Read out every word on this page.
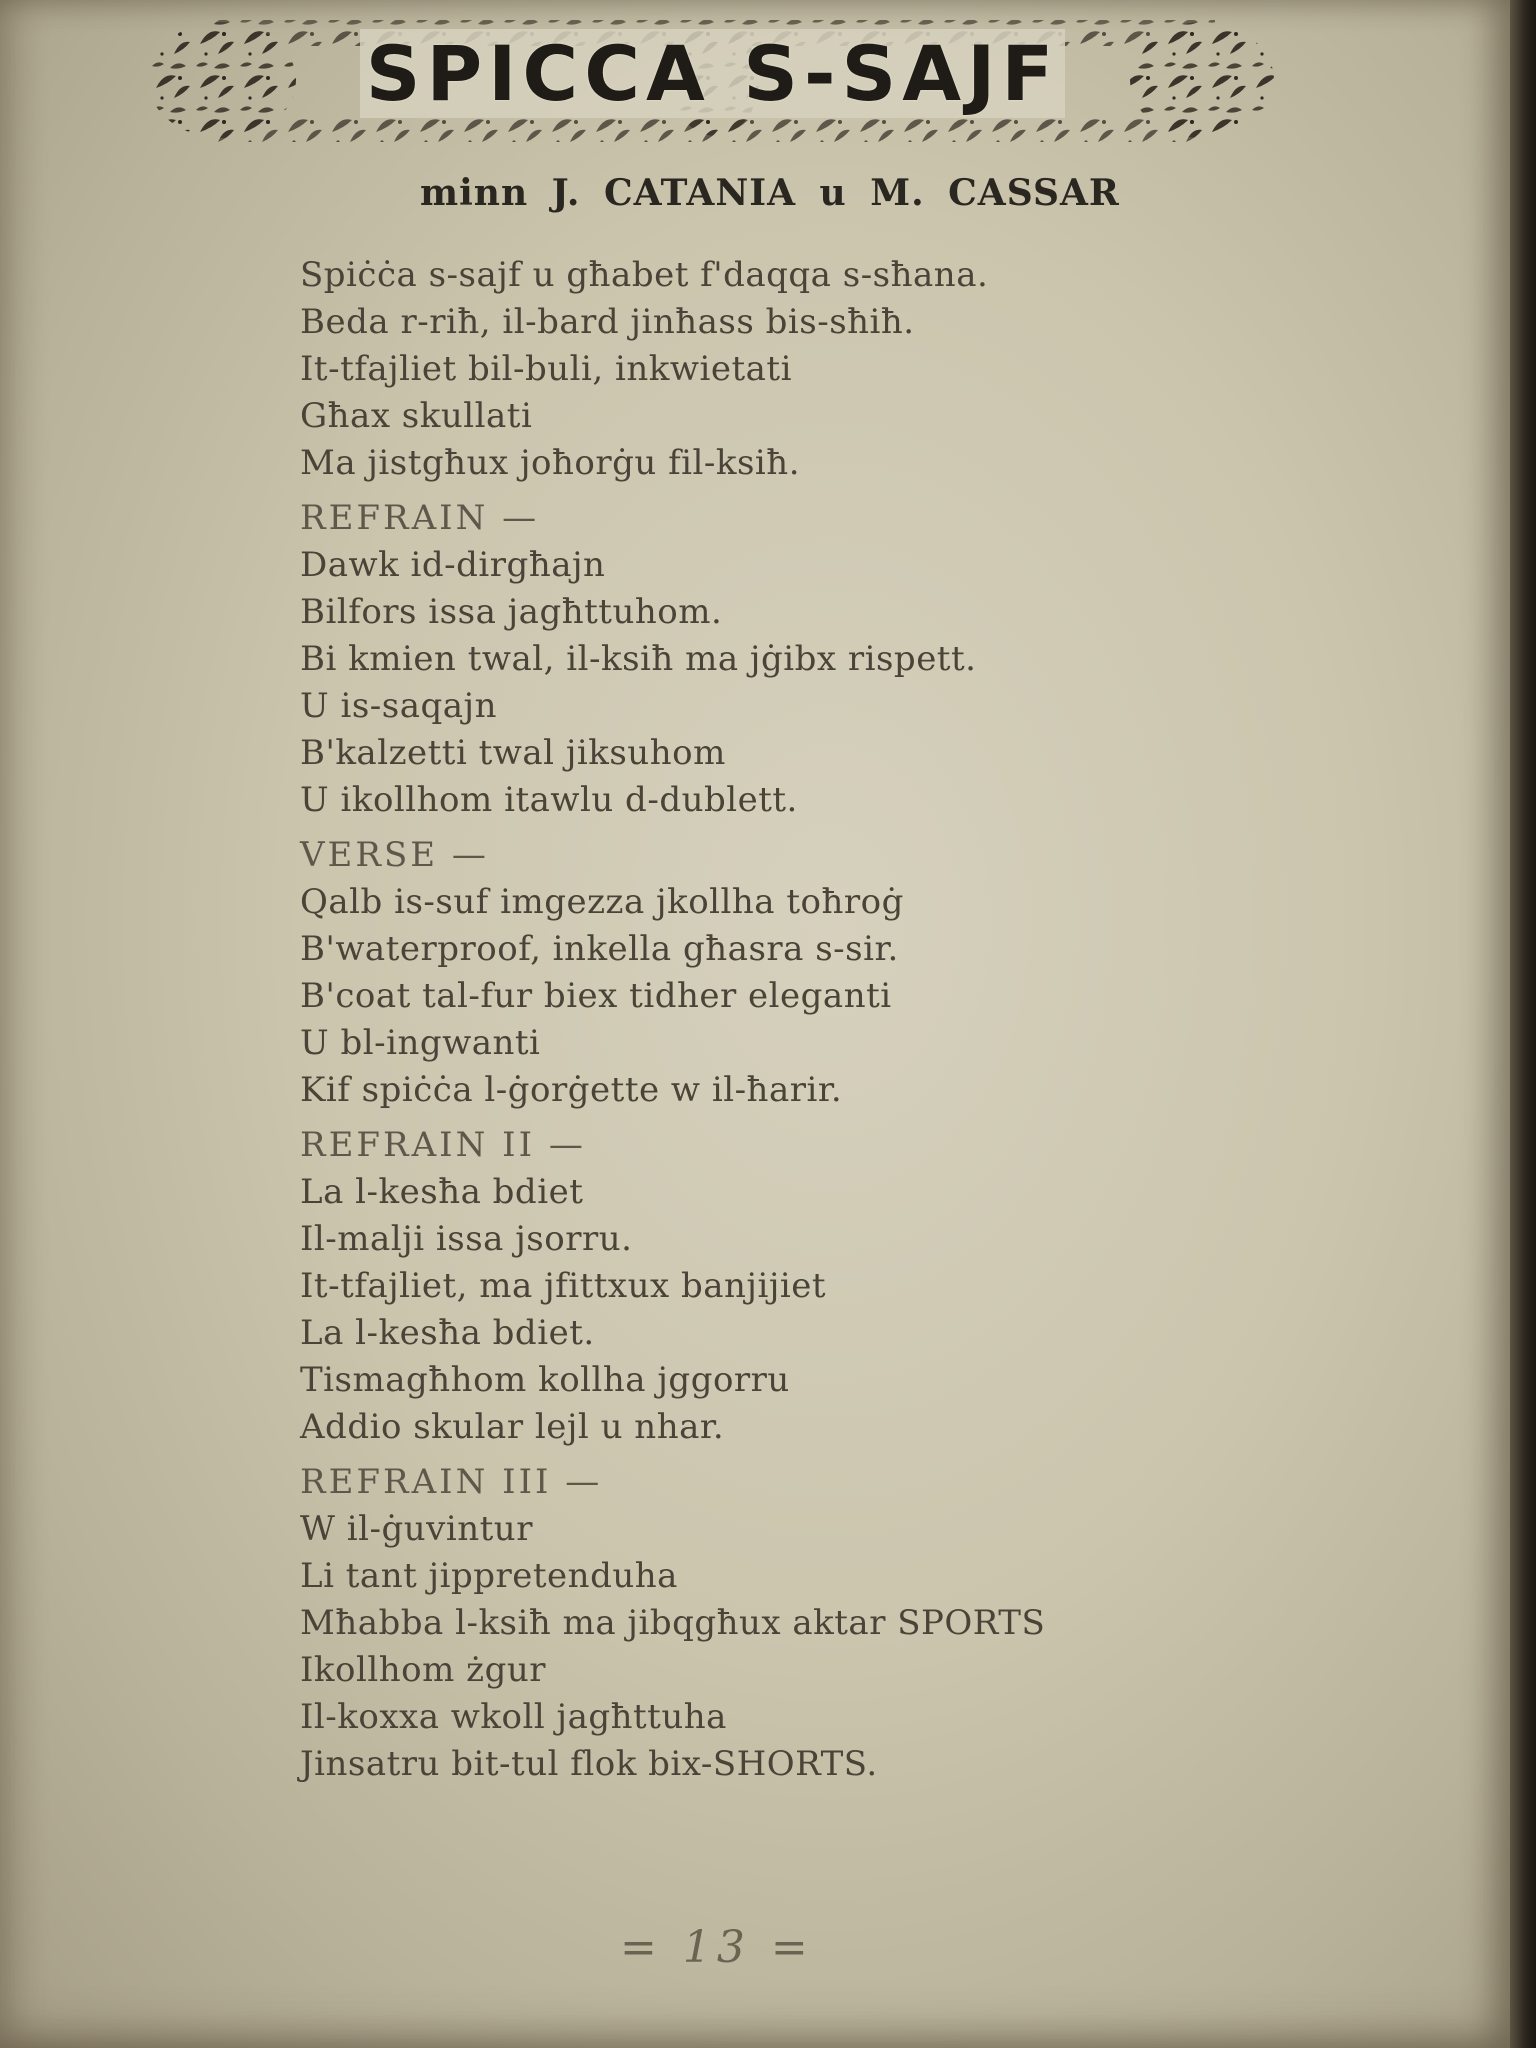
SPICCA S-SAJF
minn J. CATANIA u M. CASSAR
Spiċċa s-sajf u għabet f'daqqa s-sħana.
Beda r-riħ, il-bard jinħass bis-sħiħ.
It-tfajliet bil-buli, inkwietati
Għax skullati
Ma jistgħux joħorġu fil-ksiħ.
REFRAIN —
Dawk id-dirgħajn
Bilfors issa jagħttuhom.
Bi kmien twal, il-ksiħ ma jġibx rispett.
U is-saqajn
B'kalzetti twal jiksuhom
U ikollhom itawlu d-dublett.
VERSE —
Qalb is-suf imgezza jkollha toħroġ
B'waterproof, inkella għasra s-sir.
B'coat tal-fur biex tidher eleganti
U bl-ingwanti
Kif spiċċa l-ġorġette w il-ħarir.
REFRAIN II —
La l-kesħa bdiet
Il-malji issa jsorru.
It-tfajliet, ma jfittxux banjijiet
La l-kesħa bdiet.
Tismagħhom kollha jggorru
Addio skular lejl u nhar.
REFRAIN III —
W il-ġuvintur
Li tant jippretenduha
Mħabba l-ksiħ ma jibqgħux aktar SPORTS
Ikollhom żgur
Il-koxxa wkoll jagħttuha
Jinsatru bit-tul flok bix-SHORTS.
= 13 =
